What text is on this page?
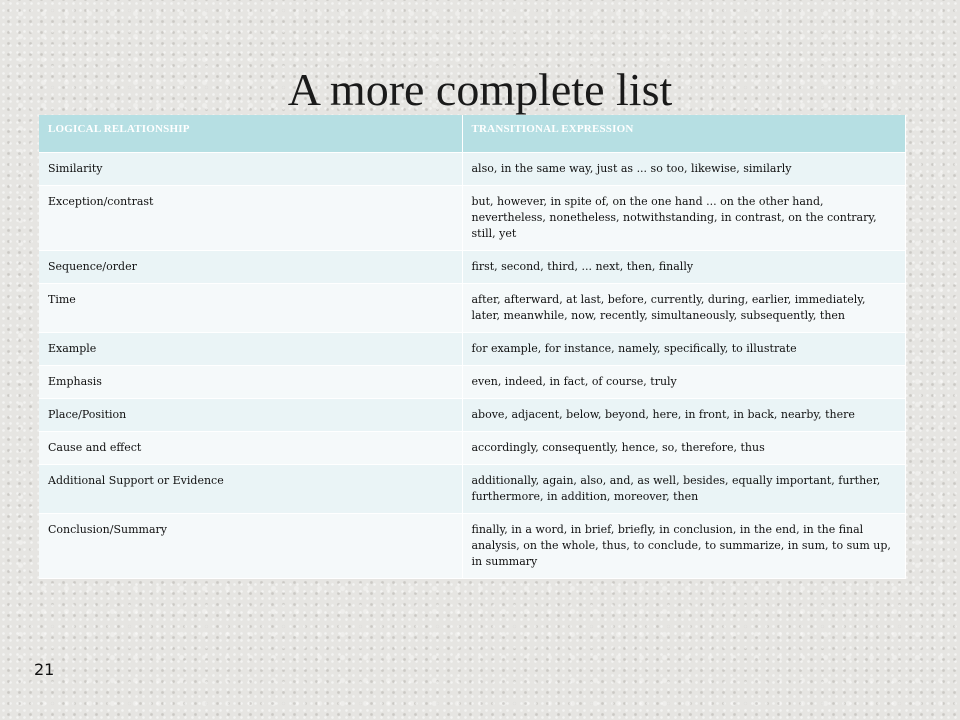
A more complete list
LOGICAL RELATIONSHIP	TRANSITIONAL EXPRESSION
Similarity	also, in the same way, just as ... so too, likewise, similarly
Exception/contrast	but, however, in spite of, on the one hand ... on the other hand, nevertheless, nonetheless, notwithstanding, in contrast, on the contrary, still, yet
Sequence/order	first, second, third, ... next, then, finally
Time	after, afterward, at last, before, currently, during, earlier, immediately, later, meanwhile, now, recently, simultaneously, subsequently, then
Example	for example, for instance, namely, specifically, to illustrate
Emphasis	even, indeed, in fact, of course, truly
Place/Position	above, adjacent, below, beyond, here, in front, in back, nearby, there
Cause and effect	accordingly, consequently, hence, so, therefore, thus
Additional Support or Evidence	additionally, again, also, and, as well, besides, equally important, further, furthermore, in addition, moreover, then
Conclusion/Summary	finally, in a word, in brief, briefly, in conclusion, in the end, in the final analysis, on the whole, thus, to conclude, to summarize, in sum, to sum up, in summary
21
